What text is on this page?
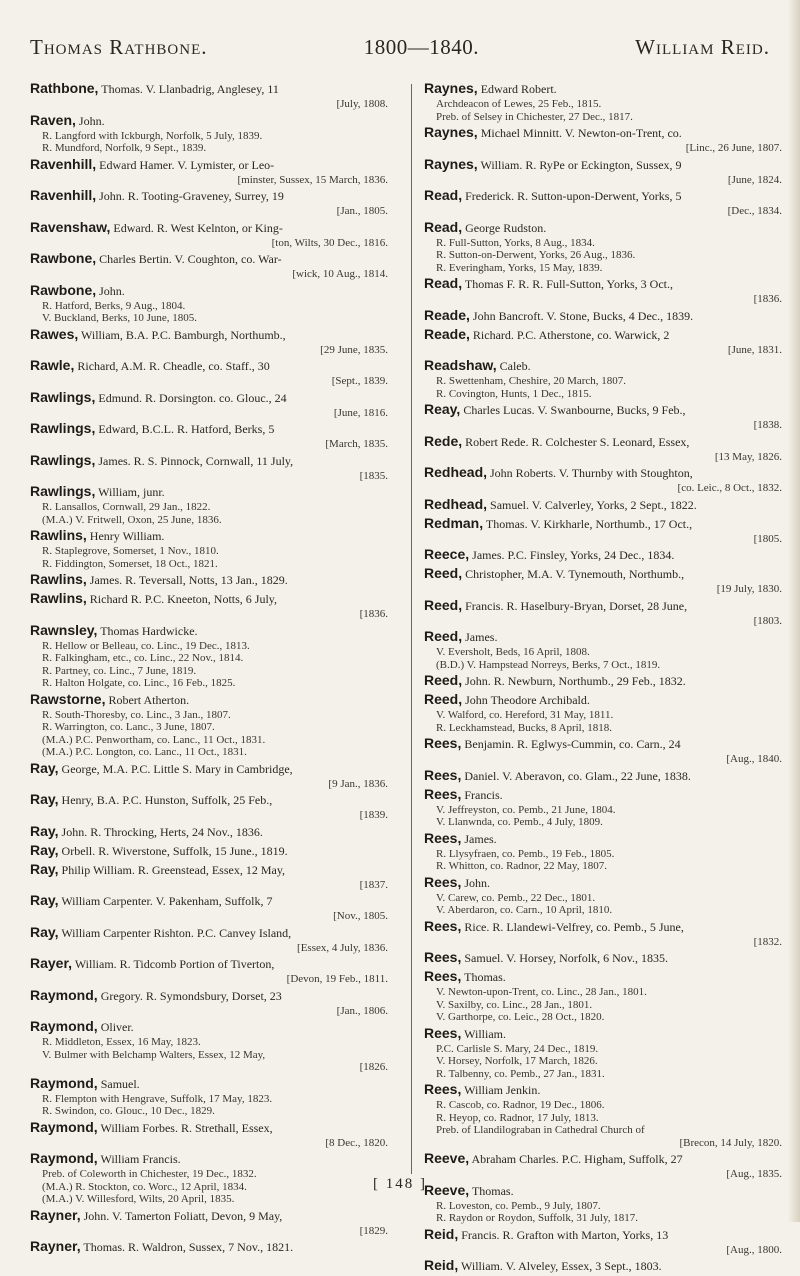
Thomas Rathbone.	1800—1840.	William Reid.
Rathbone, Thomas. V. Llanbadrig, Anglesey, 11
[July, 1808.
Raven, John.
R. Langford with Ickburgh, Norfolk, 5 July, 1839.
R. Mundford, Norfolk, 9 Sept., 1839.
Ravenhill, Edward Hamer. V. Lymister, or Leo-
[minster, Sussex, 15 March, 1836.
Ravenhill, John. R. Tooting-Graveney, Surrey, 19
[Jan., 1805.
Ravenshaw, Edward. R. West Kelnton, or King-
[ton, Wilts, 30 Dec., 1816.
Rawbone, Charles Bertin. V. Coughton, co. War-
[wick, 10 Aug., 1814.
Rawbone, John.
R. Hatford, Berks, 9 Aug., 1804.
V. Buckland, Berks, 10 June, 1805.
Rawes, William, B.A. P.C. Bamburgh, Northumb.,
[29 June, 1835.
Rawle, Richard, A.M. R. Cheadle, co. Staff., 30
[Sept., 1839.
Rawlings, Edmund. R. Dorsington. co. Glouc., 24
[June, 1816.
Rawlings, Edward, B.C.L. R. Hatford, Berks, 5
[March, 1835.
Rawlings, James. R. S. Pinnock, Cornwall, 11 July,
[1835.
Rawlings, William, junr.
R. Lansallos, Cornwall, 29 Jan., 1822.
(M.A.) V. Fritwell, Oxon, 25 June, 1836.
Rawlins, Henry William.
R. Staplegrove, Somerset, 1 Nov., 1810.
R. Fiddington, Somerset, 18 Oct., 1821.
Rawlins, James. R. Teversall, Notts, 13 Jan., 1829.
Rawlins, Richard R. P.C. Kneeton, Notts, 6 July,
[1836.
Rawnsley, Thomas Hardwicke.
R. Hellow or Belleau, co. Linc., 19 Dec., 1813.
R. Falkingham, etc., co. Linc., 22 Nov., 1814.
R. Partney, co. Linc., 7 June, 1819.
R. Halton Holgate, co. Linc., 16 Feb., 1825.
Rawstorne, Robert Atherton.
R. South-Thoresby, co. Linc., 3 Jan., 1807.
R. Warrington, co. Lanc., 3 June, 1807.
(M.A.) P.C. Penwortham, co. Lanc., 11 Oct., 1831.
(M.A.) P.C. Longton, co. Lanc., 11 Oct., 1831.
Ray, George, M.A. P.C. Little S. Mary in Cambridge,
[9 Jan., 1836.
Ray, Henry, B.A. P.C. Hunston, Suffolk, 25 Feb.,
[1839.
Ray, John. R. Throcking, Herts, 24 Nov., 1836.
Ray, Orbell. R. Wiverstone, Suffolk, 15 June., 1819.
Ray, Philip William. R. Greenstead, Essex, 12 May,
[1837.
Ray, William Carpenter. V. Pakenham, Suffolk, 7
[Nov., 1805.
Ray, William Carpenter Rishton. P.C. Canvey Island,
[Essex, 4 July, 1836.
Rayer, William. R. Tidcomb Portion of Tiverton,
[Devon, 19 Feb., 1811.
Raymond, Gregory. R. Symondsbury, Dorset, 23
[Jan., 1806.
Raymond, Oliver.
R. Middleton, Essex, 16 May, 1823.
V. Bulmer with Belchamp Walters, Essex, 12 May,
[1826.
Raymond, Samuel.
R. Flempton with Hengrave, Suffolk, 17 May, 1823.
R. Swindon, co. Glouc., 10 Dec., 1829.
Raymond, William Forbes. R. Strethall, Essex,
[8 Dec., 1820.
Raymond, William Francis.
Preb. of Coleworth in Chichester, 19 Dec., 1832.
(M.A.) R. Stockton, co. Worc., 12 April, 1834.
(M.A.) V. Willesford, Wilts, 20 April, 1835.
Rayner, John. V. Tamerton Foliatt, Devon, 9 May,
[1829.
Rayner, Thomas. R. Waldron, Sussex, 7 Nov., 1821.
Raynes, Edward Robert.
Archdeacon of Lewes, 25 Feb., 1815.
Preb. of Selsey in Chichester, 27 Dec., 1817.
Raynes, Michael Minnitt. V. Newton-on-Trent, co.
[Linc., 26 June, 1807.
Raynes, William. R. RyPe or Eckington, Sussex, 9
[June, 1824.
Read, Frederick. R. Sutton-upon-Derwent, Yorks, 5
[Dec., 1834.
Read, George Rudston.
R. Full-Sutton, Yorks, 8 Aug., 1834.
R. Sutton-on-Derwent, Yorks, 26 Aug., 1836.
R. Everingham, Yorks, 15 May, 1839.
Read, Thomas F. R. R. Full-Sutton, Yorks, 3 Oct.,
[1836.
Reade, John Bancroft. V. Stone, Bucks, 4 Dec., 1839.
Reade, Richard. P.C. Atherstone, co. Warwick, 2
[June, 1831.
Readshaw, Caleb.
R. Swettenham, Cheshire, 20 March, 1807.
R. Covington, Hunts, 1 Dec., 1815.
Reay, Charles Lucas. V. Swanbourne, Bucks, 9 Feb.,
[1838.
Rede, Robert Rede. R. Colchester S. Leonard, Essex,
[13 May, 1826.
Redhead, John Roberts. V. Thurnby with Stoughton,
[co. Leic., 8 Oct., 1832.
Redhead, Samuel. V. Calverley, Yorks, 2 Sept., 1822.
Redman, Thomas. V. Kirkharle, Northumb., 17 Oct.,
[1805.
Reece, James. P.C. Finsley, Yorks, 24 Dec., 1834.
Reed, Christopher, M.A. V. Tynemouth, Northumb.,
[19 July, 1830.
Reed, Francis. R. Haselbury-Bryan, Dorset, 28 June,
[1803.
Reed, James.
V. Eversholt, Beds, 16 April, 1808.
(B.D.) V. Hampstead Norreys, Berks, 7 Oct., 1819.
Reed, John. R. Newburn, Northumb., 29 Feb., 1832.
Reed, John Theodore Archibald.
V. Walford, co. Hereford, 31 May, 1811.
R. Leckhamstead, Bucks, 8 April, 1818.
Rees, Benjamin. R. Eglwys-Cummin, co. Carn., 24
[Aug., 1840.
Rees, Daniel. V. Aberavon, co. Glam., 22 June, 1838.
Rees, Francis.
V. Jeffreyston, co. Pemb., 21 June, 1804.
V. Llanwnda, co. Pemb., 4 July, 1809.
Rees, James.
R. Llysyfraen, co. Pemb., 19 Feb., 1805.
R. Whitton, co. Radnor, 22 May, 1807.
Rees, John.
V. Carew, co. Pemb., 22 Dec., 1801.
V. Aberdaron, co. Carn., 10 April, 1810.
Rees, Rice. R. Llandewi-Velfrey, co. Pemb., 5 June,
[1832.
Rees, Samuel. V. Horsey, Norfolk, 6 Nov., 1835.
Rees, Thomas.
V. Newton-upon-Trent, co. Linc., 28 Jan., 1801.
V. Saxilby, co. Linc., 28 Jan., 1801.
V. Garthorpe, co. Leic., 28 Oct., 1820.
Rees, William.
P.C. Carlisle S. Mary, 24 Dec., 1819.
V. Horsey, Norfolk, 17 March, 1826.
R. Talbenny, co. Pemb., 27 Jan., 1831.
Rees, William Jenkin.
R. Cascob, co. Radnor, 19 Dec., 1806.
R. Heyop, co. Radnor, 17 July, 1813.
Preb. of Llandilograban in Cathedral Church of
[Brecon, 14 July, 1820.
Reeve, Abraham Charles. P.C. Higham, Suffolk, 27
[Aug., 1835.
Reeve, Thomas.
R. Loveston, co. Pemb., 9 July, 1807.
R. Raydon or Roydon, Suffolk, 31 July, 1817.
Reid, Francis. R. Grafton with Marton, Yorks, 13
[Aug., 1800.
Reid, William. V. Alveley, Essex, 3 Sept., 1803.
[ 148 ]
